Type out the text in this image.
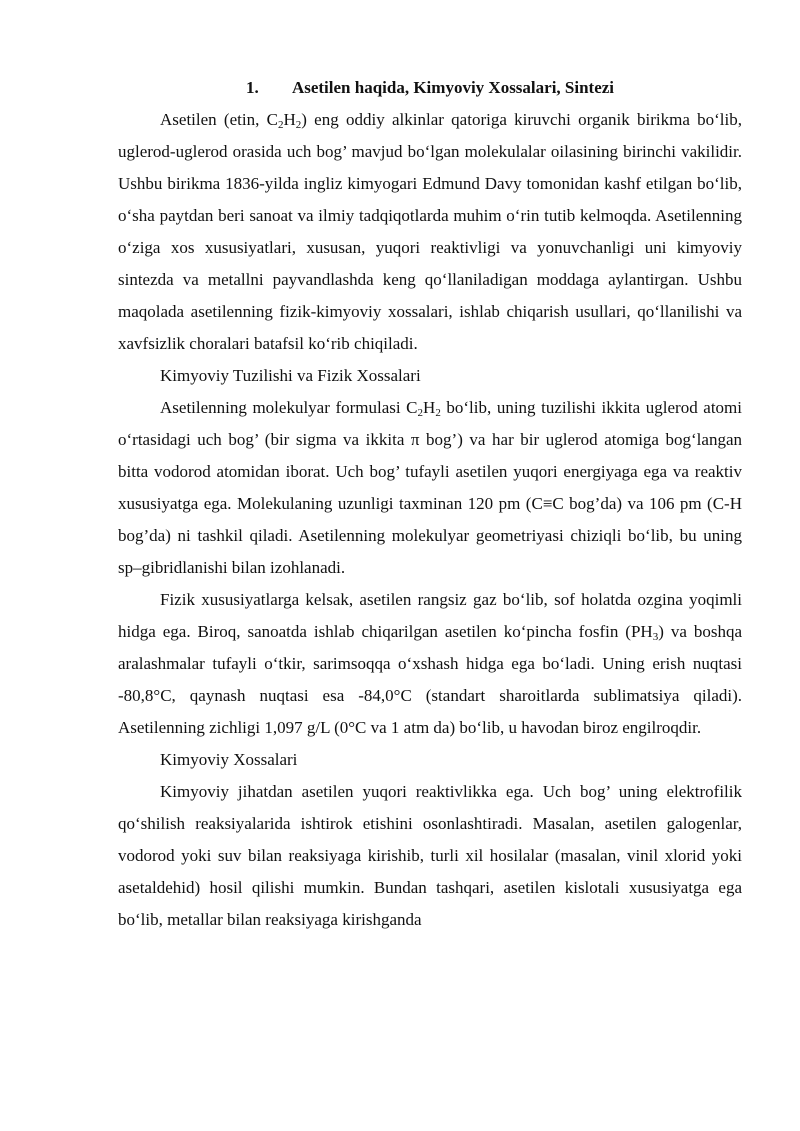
1. Asetilen haqida, Kimyoviy Xossalari, Sintezi

Asetilen (etin, $C_2H_2$) eng oddiy alkinlar qatoriga kiruvchi organik birikma bo‘lib, uglerod-uglerod orasida uch bog’ mavjud bo‘lgan molekulalar oilasining birinchi vakilidir. Ushbu birikma 1836-yilda ingliz kimyogari Edmund Davy tomonidan kashf etilgan bo‘lib, o‘sha paytdan beri sanoat va ilmiy tadqiqotlarda muhim o‘rin tutib kelmoqda. Asetilenning o‘ziga xos xususiyatlari, xususan, yuqori reaktivligi va yonuvchanligi uni kimyoviy sintezda va metallni payvandlashda keng qo‘llaniladigan moddaga aylantirgan. Ushbu maqolada asetilenning fizik-kimyoviy xossalari, ishlab chiqarish usullari, qo‘llanilishi va xavfsizlik choralari batafsil ko‘rib chiqiladi.

Kimyoviy Tuzilishi va Fizik Xossalari

Asetilenning molekulyar formulasi $C_2H_2$ bo‘lib, uning tuzilishi ikkita uglerod atomi o‘rtasidagi uch bog’ (bir sigma va ikkita π bog’) va har bir uglerod atomiga bog‘langan bitta vodorod atomidan iborat. Uch bog’ tufayli asetilen yuqori energiyaga ega va reaktiv xususiyatga ega. Molekulaning uzunligi taxminan 120 pm (C≡C bog’da) va 106 pm (C-H bog’da) ni tashkil qiladi. Asetilenning molekulyar geometriyasi chiziqli bo‘lib, bu uning sp–gibridlanishi bilan izohlanadi.

Fizik xususiyatlarga kelsak, asetilen rangsiz gaz bo‘lib, sof holatda ozgina yoqimli hidga ega. Biroq, sanoatda ishlab chiqarilgan asetilen ko‘pincha fosfin $(PH_3)$ va boshqa aralashmalar tufayli o‘tkir, sarimsoqqa o‘xshash hidga ega bo‘ladi. Uning erish nuqtasi -80,8°C, qaynash nuqtasi esa -84,0°C (standart sharoitlarda sublimatsiya qiladi). Asetilenning zichligi 1,097 g/L (0°C va 1 atm da) bo‘lib, u havodan biroz engilroqdir.

Kimyoviy Xossalari

Kimyoviy jihatdan asetilen yuqori reaktivlikka ega. Uch bog’ uning elektrofilik qo‘shilish reaksiyalarida ishtirok etishini osonlashtiradi. Masalan, asetilen galogenlar, vodorod yoki suv bilan reaksiyaga kirishib, turli xil hosilalar (masalan, vinil xlorid yoki asetaldehid) hosil qilishi mumkin. Bundan tashqari, asetilen kislotali xususiyatga ega bo‘lib, metallar bilan reaksiyaga kirishganda
